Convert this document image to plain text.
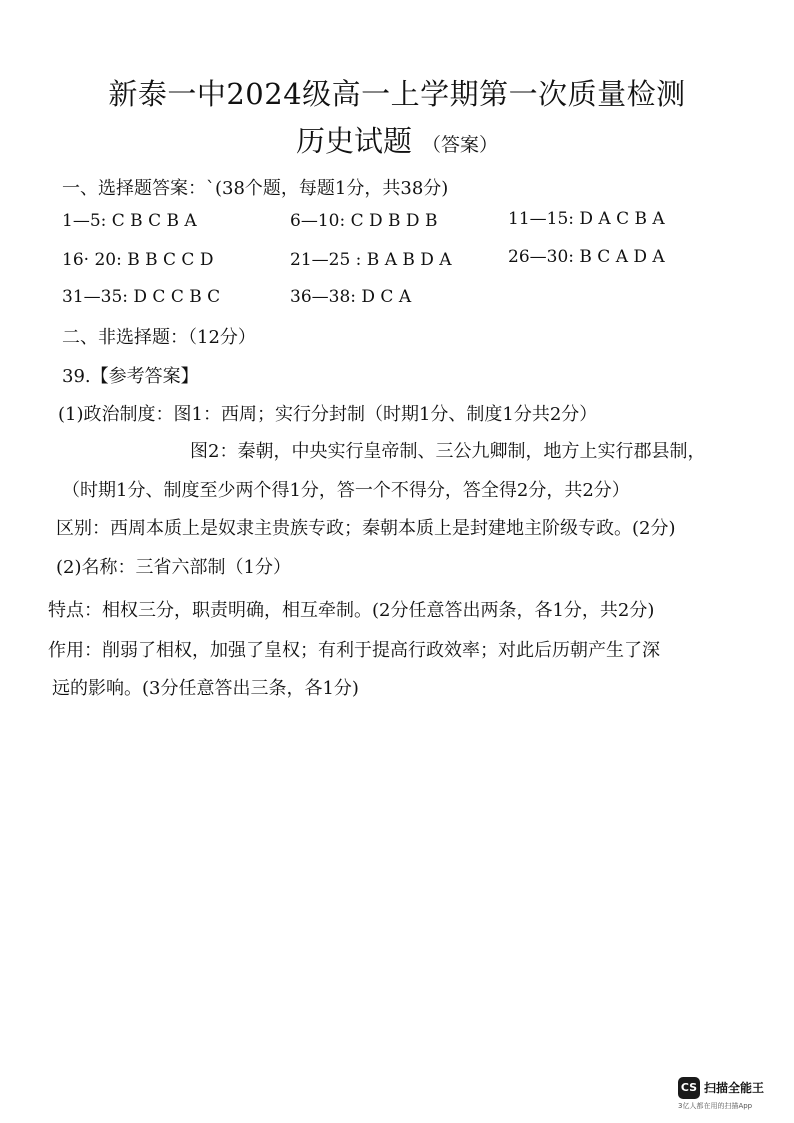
新泰一中2024级高一上学期第一次质量检测
历史试题 （答案）
一、选择题答案：`(38个题，每题1分，共38分)
1—5: C B C B A	6—10: C D B D B	11—15: D A C B A
16· 20: B B C C D	21—25 : B A B D A	26—30: B C A D A
31—35: D C C B C	36—38: D C A
二、非选择题：（12分）
39.【参考答案】
(1)政治制度：图1：西周；实行分封制（时期1分、制度1分共2分）
图2：秦朝，中央实行皇帝制、三公九卿制，地方上实行郡县制，
（时期1分、制度至少两个得1分，答一个不得分，答全得2分，共2分）
区别：西周本质上是奴隶主贵族专政；秦朝本质上是封建地主阶级专政。(2分)
(2)名称：三省六部制（1分）
特点：相权三分，职责明确，相互牵制。(2分任意答出两条，各1分，共2分)
作用：削弱了相权，加强了皇权；有利于提高行政效率；对此后历朝产生了深
远的影响。(3分任意答出三条，各1分)
CS 扫描全能王
3亿人都在用的扫描App
